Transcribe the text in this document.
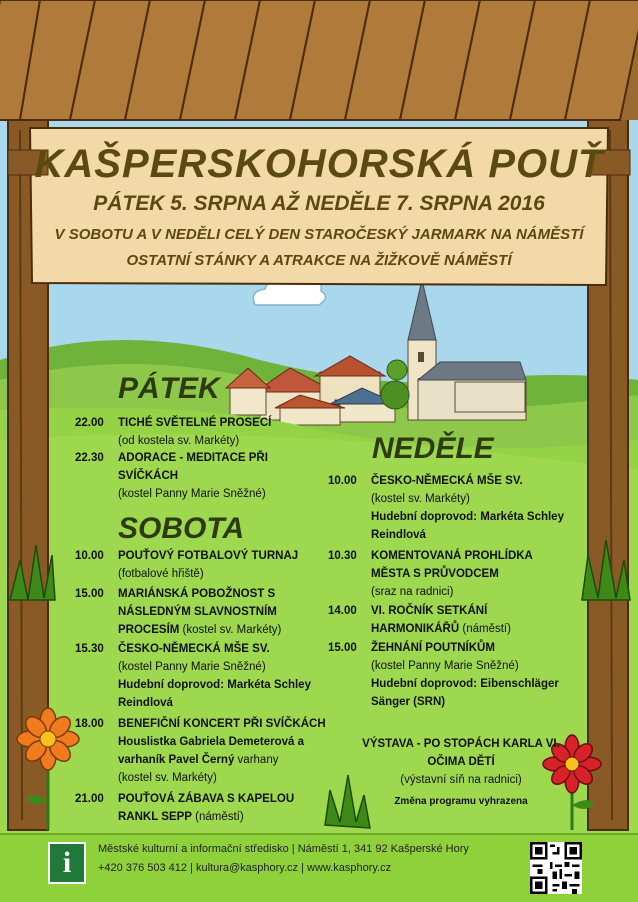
KAŠPERSKOHORSKÁ POUŤ
PÁTEK 5. SRPNA AŽ NEDĚLE 7. SRPNA 2016
V SOBOTU A V NEDĚLI CELÝ DEN STAROČESKÝ JARMARK NA NÁMĚSTÍ
OSTATNÍ STÁNKY A ATRAKCE NA ŽIŽKOVĚ NÁMĚSTÍ
PÁTEK
22.00	TICHÉ SVĚTELNÉ PROSECÍ
(od kostela sv. Markéty)
22.30	ADORACE - MEDITACE PŘI
SVÍČKÁCH
(kostel Panny Marie Sněžné)
SOBOTA
10.00	POUŤOVÝ FOTBALOVÝ TURNAJ
(fotbalové hřiště)
15.00	MARIÁNSKÁ POBOŽNOST S
NÁSLEDNÝM SLAVNOSTNÍM
PROCESÍM (kostel sv. Markéty)
15.30	ČESKO-NĚMECKÁ MŠE SV.
(kostel Panny Marie Sněžné)
Hudební doprovod: Markéta Schley
Reindlová
18.00	BENEFIČNÍ KONCERT PŘI SVÍČKÁCH
Houslistka Gabriela Demeterová a
varhaník Pavel Černý varhany
(kostel sv. Markéty)
21.00	POUŤOVÁ ZÁBAVA S KAPELOU
RANKL SEPP (náměstí)
NEDĚLE
10.00	ČESKO-NĚMECKÁ MŠE SV.
(kostel sv. Markéty)
Hudební doprovod: Markéta Schley
Reindlová
10.30	KOMENTOVANÁ PROHLÍDKA
MĚSTA S PRŮVODCEM
(sraz na radnici)
14.00	VI. ROČNÍK SETKÁNÍ
HARMONIKÁŘŮ (náměstí)
15.00	ŽEHNÁNÍ POUTNÍKŮM
(kostel Panny Marie Sněžné)
Hudební doprovod: Eibenschläger
Sänger (SRN)
VÝSTAVA - PO STOPÁCH KARLA VI.
OČIMA DĚTÍ
(výstavní síň na radnici)
Změna programu vyhrazena
i	Městské kulturní a informační středisko | Náměstí 1, 341 92 Kašperské Hory
+420 376 503 412 | kultura@kasphory.cz | www.kasphory.cz
